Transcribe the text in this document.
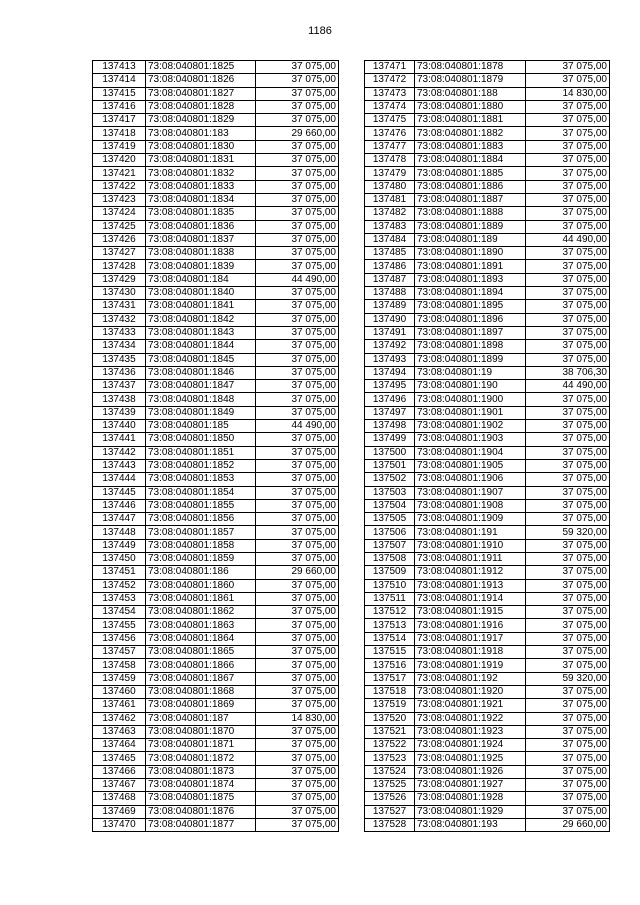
1186
137413	73:08:040801:1825	37 075,00
137414	73:08:040801:1826	37 075,00
137415	73:08:040801:1827	37 075,00
137416	73:08:040801:1828	37 075,00
137417	73:08:040801:1829	37 075,00
137418	73:08:040801:183	29 660,00
137419	73:08:040801:1830	37 075,00
137420	73:08:040801:1831	37 075,00
137421	73:08:040801:1832	37 075,00
137422	73:08:040801:1833	37 075,00
137423	73:08:040801:1834	37 075,00
137424	73:08:040801:1835	37 075,00
137425	73:08:040801:1836	37 075,00
137426	73:08:040801:1837	37 075,00
137427	73:08:040801:1838	37 075,00
137428	73:08:040801:1839	37 075,00
137429	73:08:040801:184	44 490,00
137430	73:08:040801:1840	37 075,00
137431	73:08:040801:1841	37 075,00
137432	73:08:040801:1842	37 075,00
137433	73:08:040801:1843	37 075,00
137434	73:08:040801:1844	37 075,00
137435	73:08:040801:1845	37 075,00
137436	73:08:040801:1846	37 075,00
137437	73:08:040801:1847	37 075,00
137438	73:08:040801:1848	37 075,00
137439	73:08:040801:1849	37 075,00
137440	73:08:040801:185	44 490,00
137441	73:08:040801:1850	37 075,00
137442	73:08:040801:1851	37 075,00
137443	73:08:040801:1852	37 075,00
137444	73:08:040801:1853	37 075,00
137445	73:08:040801:1854	37 075,00
137446	73:08:040801:1855	37 075,00
137447	73:08:040801:1856	37 075,00
137448	73:08:040801:1857	37 075,00
137449	73:08:040801:1858	37 075,00
137450	73:08:040801:1859	37 075,00
137451	73:08:040801:186	29 660,00
137452	73:08:040801:1860	37 075,00
137453	73:08:040801:1861	37 075,00
137454	73:08:040801:1862	37 075,00
137455	73:08:040801:1863	37 075,00
137456	73:08:040801:1864	37 075,00
137457	73:08:040801:1865	37 075,00
137458	73:08:040801:1866	37 075,00
137459	73:08:040801:1867	37 075,00
137460	73:08:040801:1868	37 075,00
137461	73:08:040801:1869	37 075,00
137462	73:08:040801:187	14 830,00
137463	73:08:040801:1870	37 075,00
137464	73:08:040801:1871	37 075,00
137465	73:08:040801:1872	37 075,00
137466	73:08:040801:1873	37 075,00
137467	73:08:040801:1874	37 075,00
137468	73:08:040801:1875	37 075,00
137469	73:08:040801:1876	37 075,00
137470	73:08:040801:1877	37 075,00
137471	73:08:040801:1878	37 075,00
137472	73:08:040801:1879	37 075,00
137473	73:08:040801:188	14 830,00
137474	73:08:040801:1880	37 075,00
137475	73:08:040801:1881	37 075,00
137476	73:08:040801:1882	37 075,00
137477	73:08:040801:1883	37 075,00
137478	73:08:040801:1884	37 075,00
137479	73:08:040801:1885	37 075,00
137480	73:08:040801:1886	37 075,00
137481	73:08:040801:1887	37 075,00
137482	73:08:040801:1888	37 075,00
137483	73:08:040801:1889	37 075,00
137484	73:08:040801:189	44 490,00
137485	73:08:040801:1890	37 075,00
137486	73:08:040801:1891	37 075,00
137487	73:08:040801:1893	37 075,00
137488	73:08:040801:1894	37 075,00
137489	73:08:040801:1895	37 075,00
137490	73:08:040801:1896	37 075,00
137491	73:08:040801:1897	37 075,00
137492	73:08:040801:1898	37 075,00
137493	73:08:040801:1899	37 075,00
137494	73:08:040801:19	38 706,30
137495	73:08:040801:190	44 490,00
137496	73:08:040801:1900	37 075,00
137497	73:08:040801:1901	37 075,00
137498	73:08:040801:1902	37 075,00
137499	73:08:040801:1903	37 075,00
137500	73:08:040801:1904	37 075,00
137501	73:08:040801:1905	37 075,00
137502	73:08:040801:1906	37 075,00
137503	73:08:040801:1907	37 075,00
137504	73:08:040801:1908	37 075,00
137505	73:08:040801:1909	37 075,00
137506	73:08:040801:191	59 320,00
137507	73:08:040801:1910	37 075,00
137508	73:08:040801:1911	37 075,00
137509	73:08:040801:1912	37 075,00
137510	73:08:040801:1913	37 075,00
137511	73:08:040801:1914	37 075,00
137512	73:08:040801:1915	37 075,00
137513	73:08:040801:1916	37 075,00
137514	73:08:040801:1917	37 075,00
137515	73:08:040801:1918	37 075,00
137516	73:08:040801:1919	37 075,00
137517	73:08:040801:192	59 320,00
137518	73:08:040801:1920	37 075,00
137519	73:08:040801:1921	37 075,00
137520	73:08:040801:1922	37 075,00
137521	73:08:040801:1923	37 075,00
137522	73:08:040801:1924	37 075,00
137523	73:08:040801:1925	37 075,00
137524	73:08:040801:1926	37 075,00
137525	73:08:040801:1927	37 075,00
137526	73:08:040801:1928	37 075,00
137527	73:08:040801:1929	37 075,00
137528	73:08:040801:193	29 660,00
